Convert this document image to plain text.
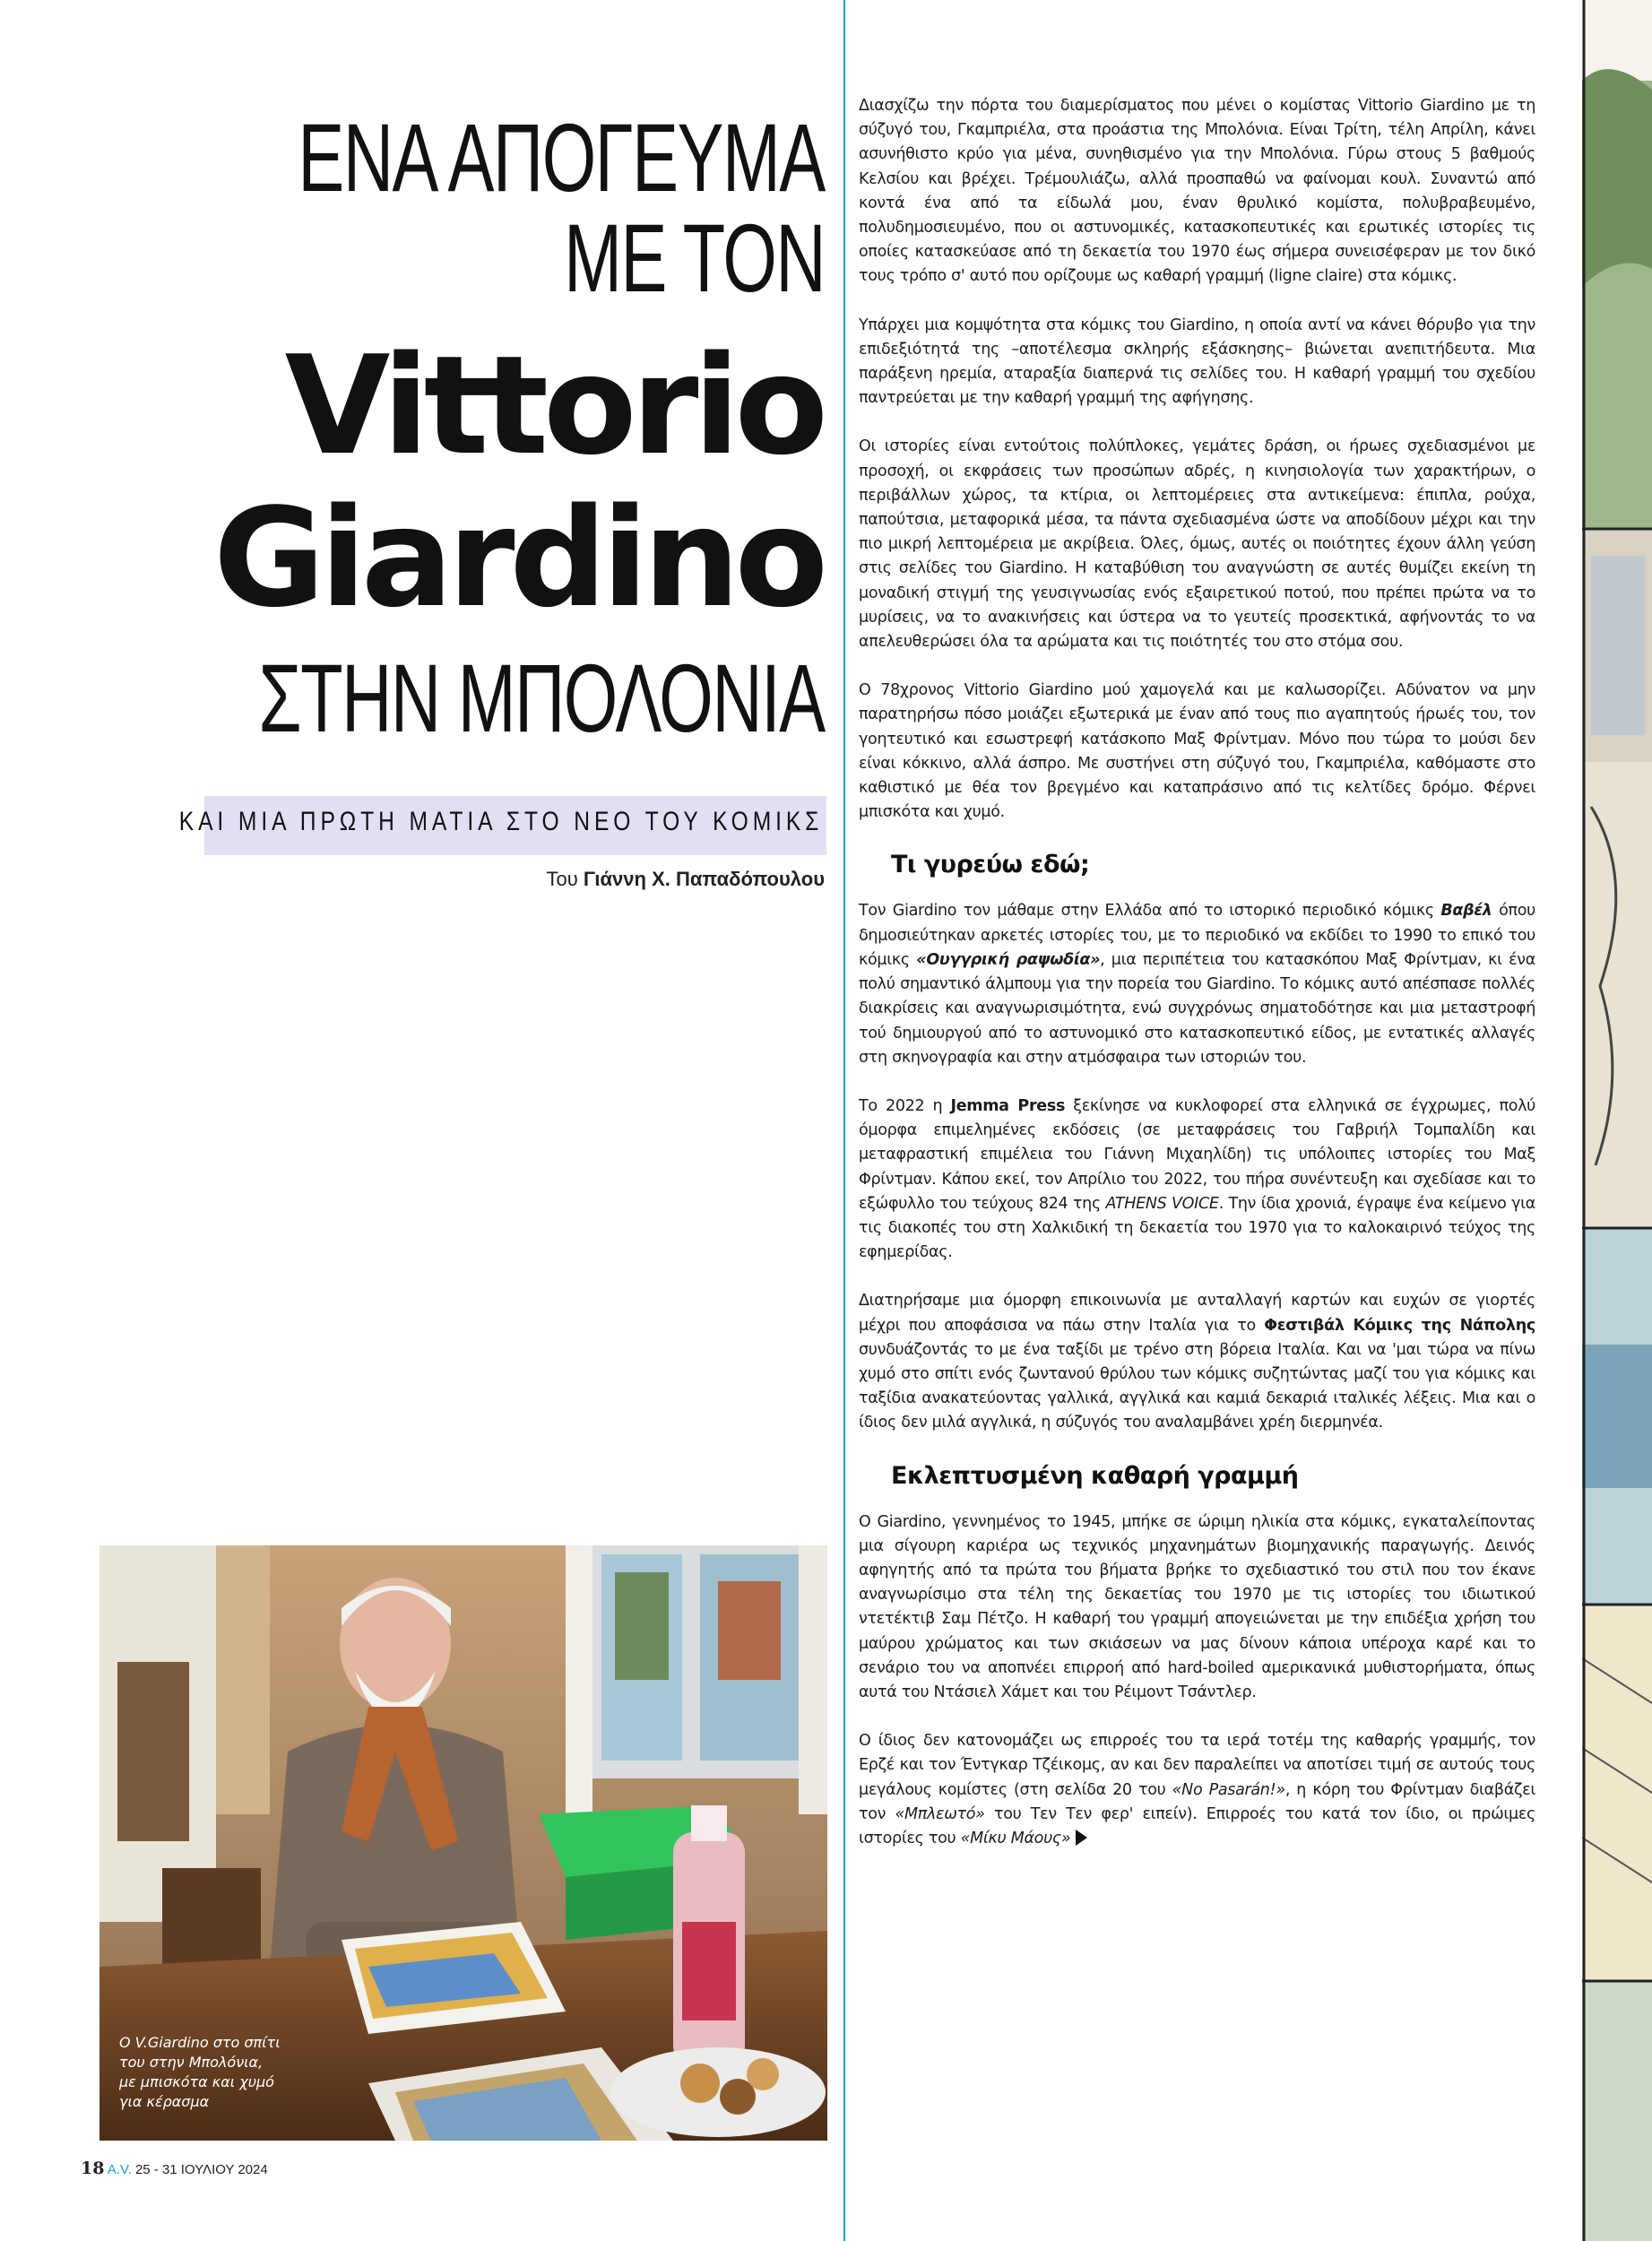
ΕΝΑ ΑΠΟΓΕΥΜΑ
ΜΕ ΤΟΝ
Vittorio
Giardino
ΣΤΗΝ ΜΠΟΛΟΝΙΑ
ΚΑΙ ΜΙΑ ΠΡΩΤΗ ΜΑΤΙΑ ΣΤΟ ΝΕΟ ΤΟΥ ΚΟΜΙΚΣ
Του Γιάννη Χ. Παπαδόπουλου

Διασχίζω την πόρτα του διαμερίσματος που μένει ο κομίστας Vittorio Giardino με τη σύζυγό του, Γκαμπριέλα, στα προάστια της Μπολόνια. Είναι Τρίτη, τέλη Απρίλη, κάνει ασυνήθιστο κρύο για μένα, συνηθισμένο για την Μπολόνια. Γύρω στους 5 βαθμούς Κελσίου και βρέχει. Τρέμουλιάζω, αλλά προσπαθώ να φαίνομαι κουλ. Συναντώ από κοντά ένα από τα είδωλά μου, έναν θρυλικό κομίστα, πολυβραβευμένο, πολυδημοσιευμένο, που οι αστυνομικές, κατασκοπευτικές και ερωτικές ιστορίες τις οποίες κατασκεύασε από τη δεκαετία του 1970 έως σήμερα συνεισέφεραν με τον δικό τους τρόπο σ' αυτό που ορίζουμε ως καθαρή γραμμή (ligne claire) στα κόμικς.

Υπάρχει μια κομψότητα στα κόμικς του Giardino, η οποία αντί να κάνει θόρυβο για την επιδεξιότητά της –αποτέλεσμα σκληρής εξάσκησης– βιώνεται ανεπιτήδευτα. Μια παράξενη ηρεμία, αταραξία διαπερνά τις σελίδες του. Η καθαρή γραμμή του σχεδίου παντρεύεται με την καθαρή γραμμή της αφήγησης.

Οι ιστορίες είναι εντούτοις πολύπλοκες, γεμάτες δράση, οι ήρωες σχεδιασμένοι με προσοχή, οι εκφράσεις των προσώπων αδρές, η κινησιολογία των χαρακτήρων, ο περιβάλλων χώρος, τα κτίρια, οι λεπτομέρειες στα αντικείμενα: έπιπλα, ρούχα, παπούτσια, μεταφορικά μέσα, τα πάντα σχεδιασμένα ώστε να αποδίδουν μέχρι και την πιο μικρή λεπτομέρεια με ακρίβεια. Όλες, όμως, αυτές οι ποιότητες έχουν άλλη γεύση στις σελίδες του Giardino. Η καταβύθιση του αναγνώστη σε αυτές θυμίζει εκείνη τη μοναδική στιγμή της γευσιγνωσίας ενός εξαιρετικού ποτού, που πρέπει πρώτα να το μυρίσεις, να το ανακινήσεις και ύστερα να το γευτείς προσεκτικά, αφήνοντάς το να απελευθερώσει όλα τα αρώματα και τις ποιότητές του στο στόμα σου.

Ο 78χρονος Vittorio Giardino μού χαμογελά και με καλωσορίζει. Αδύνατον να μην παρατηρήσω πόσο μοιάζει εξωτερικά με έναν από τους πιο αγαπητούς ήρωές του, τον γοητευτικό και εσωστρεφή κατάσκοπο Μαξ Φρίντμαν. Μόνο που τώρα το μούσι δεν είναι κόκκινο, αλλά άσπρο. Με συστήνει στη σύζυγό του, Γκαμπριέλα, καθόμαστε στο καθιστικό με θέα τον βρεγμένο και καταπράσινο από τις κελτίδες δρόμο. Φέρνει μπισκότα και χυμό.

Τι γυρεύω εδώ;

Τον Giardino τον μάθαμε στην Ελλάδα από το ιστορικό περιοδικό κόμικς Βαβέλ όπου δημοσιεύτηκαν αρκετές ιστορίες του, με το περιοδικό να εκδίδει το 1990 το επικό του κόμικς «Ουγγρική ραψωδία», μια περιπέτεια του κατασκόπου Μαξ Φρίντμαν, κι ένα πολύ σημαντικό άλμπουμ για την πορεία του Giardino. Το κόμικς αυτό απέσπασε πολλές διακρίσεις και αναγνωρισιμότητα, ενώ συγχρόνως σηματοδότησε και μια μεταστροφή τού δημιουργού από το αστυνομικό στο κατασκοπευτικό είδος, με εντατικές αλλαγές στη σκηνογραφία και στην ατμόσφαιρα των ιστοριών του.

Το 2022 η Jemma Press ξεκίνησε να κυκλοφορεί στα ελληνικά σε έγχρωμες, πολύ όμορφα επιμελημένες εκδόσεις (σε μεταφράσεις του Γαβριήλ Τομπαλίδη και μεταφραστική επιμέλεια του Γιάννη Μιχαηλίδη) τις υπόλοιπες ιστορίες του Μαξ Φρίντμαν. Κάπου εκεί, τον Απρίλιο του 2022, του πήρα συνέντευξη και σχεδίασε και το εξώφυλλο του τεύχους 824 της ATHENS VOICE. Την ίδια χρονιά, έγραψε ένα κείμενο για τις διακοπές του στη Χαλκιδική τη δεκαετία του 1970 για το καλοκαιρινό τεύχος της εφημερίδας.

Διατηρήσαμε μια όμορφη επικοινωνία με ανταλλαγή καρτών και ευχών σε γιορτές μέχρι που αποφάσισα να πάω στην Ιταλία για το Φεστιβάλ Κόμικς της Νάπολης συνδυάζοντάς το με ένα ταξίδι με τρένο στη βόρεια Ιταλία. Και να 'μαι τώρα να πίνω χυμό στο σπίτι ενός ζωντανού θρύλου των κόμικς συζητώντας μαζί του για κόμικς και ταξίδια ανακατεύοντας γαλλικά, αγγλικά και καμιά δεκαριά ιταλικές λέξεις. Μια και ο ίδιος δεν μιλά αγγλικά, η σύζυγός του αναλαμβάνει χρέη διερμηνέα.

Εκλεπτυσμένη καθαρή γραμμή

Ο Giardino, γεννημένος το 1945, μπήκε σε ώριμη ηλικία στα κόμικς, εγκαταλείποντας μια σίγουρη καριέρα ως τεχνικός μηχανημάτων βιομηχανικής παραγωγής. Δεινός αφηγητής από τα πρώτα του βήματα βρήκε το σχεδιαστικό του στιλ που τον έκανε αναγνωρίσιμο στα τέλη της δεκαετίας του 1970 με τις ιστορίες του ιδιωτικού ντετέκτιβ Σαμ Πέτζο. Η καθαρή του γραμμή απογειώνεται με την επιδέξια χρήση του μαύρου χρώματος και των σκιάσεων να μας δίνουν κάποια υπέροχα καρέ και το σενάριο του να αποπνέει επιρροή από hard-boiled αμερικανικά μυθιστορήματα, όπως αυτά του Ντάσιελ Χάμετ και του Ρέιμοντ Τσάντλερ.

Ο ίδιος δεν κατονομάζει ως επιρροές του τα ιερά τοτέμ της καθαρής γραμμής, τον Ερζέ και τον Έντγκαρ Τζέικομς, αν και δεν παραλείπει να αποτίσει τιμή σε αυτούς τους μεγάλους κομίστες (στη σελίδα 20 του «No Pasarán!», η κόρη του Φρίντμαν διαβάζει τον «Μπλεωτό» του Τεν Τεν φερ' ειπείν). Επιρροές του κατά τον ίδιο, οι πρώιμες ιστορίες του «Μίκυ Μάους»

Ο V.Giardino στο σπίτι του στην Μπολόνια, με μπισκότα και χυμό για κέρασμα
18 A.V. 25 - 31 ΙΟΥΛΙΟΥ 2024
